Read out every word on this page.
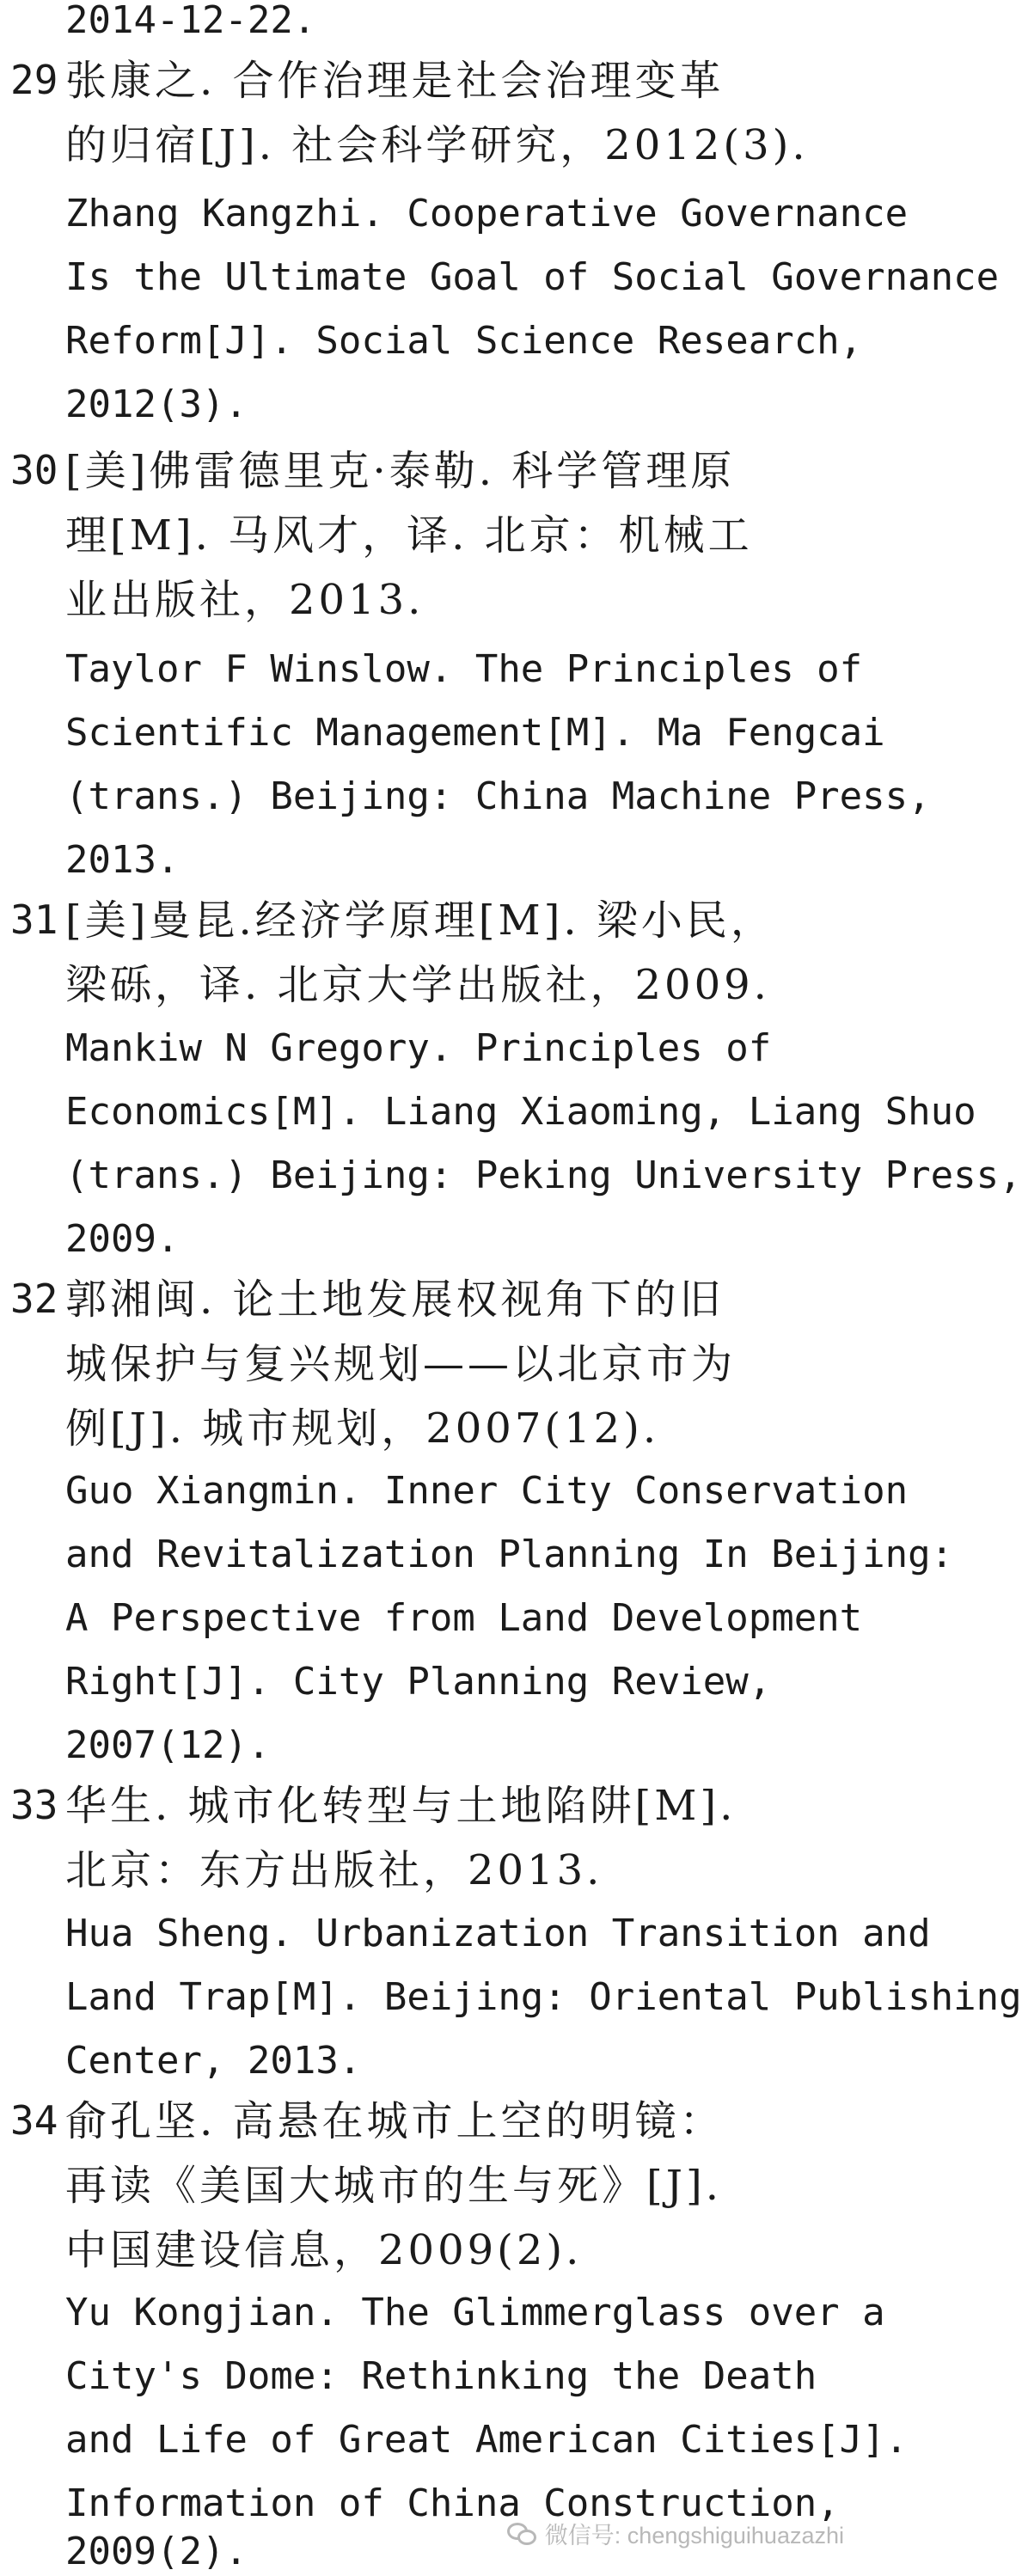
2014-12-22.
29 张康之. 合作治理是社会治理变革
的归宿[J]. 社会科学研究，2012(3).
Zhang Kangzhi. Cooperative Governance
Is the Ultimate Goal of Social Governance
Reform[J]. Social Science Research,
2012(3).
30 [美]佛雷德里克·泰勒. 科学管理原
理[M]. 马风才，译. 北京：机械工
业出版社，2013.
Taylor F Winslow. The Principles of
Scientific Management[M]. Ma Fengcai
(trans.) Beijing: China Machine Press,
2013.
31 [美]曼昆.经济学原理[M]. 梁小民，
梁砾，译. 北京大学出版社，2009.
Mankiw N Gregory. Principles of
Economics[M]. Liang Xiaoming, Liang Shuo
(trans.) Beijing: Peking University Press,
2009.
32 郭湘闽. 论土地发展权视角下的旧
城保护与复兴规划——以北京市为
例[J]. 城市规划，2007(12).
Guo Xiangmin. Inner City Conservation
and Revitalization Planning In Beijing:
A Perspective from Land Development
Right[J]. City Planning Review,
2007(12).
33 华生. 城市化转型与土地陷阱[M].
北京：东方出版社，2013.
Hua Sheng. Urbanization Transition and
Land Trap[M]. Beijing: Oriental Publishing
Center, 2013.
34 俞孔坚. 高悬在城市上空的明镜：
再读《美国大城市的生与死》[J].
中国建设信息，2009(2).
Yu Kongjian. The Glimmerglass over a
City's Dome: Rethinking the Death
and Life of Great American Cities[J].
Information of China Construction,
2009(2).	微信号: chengshiguihuazazhi
